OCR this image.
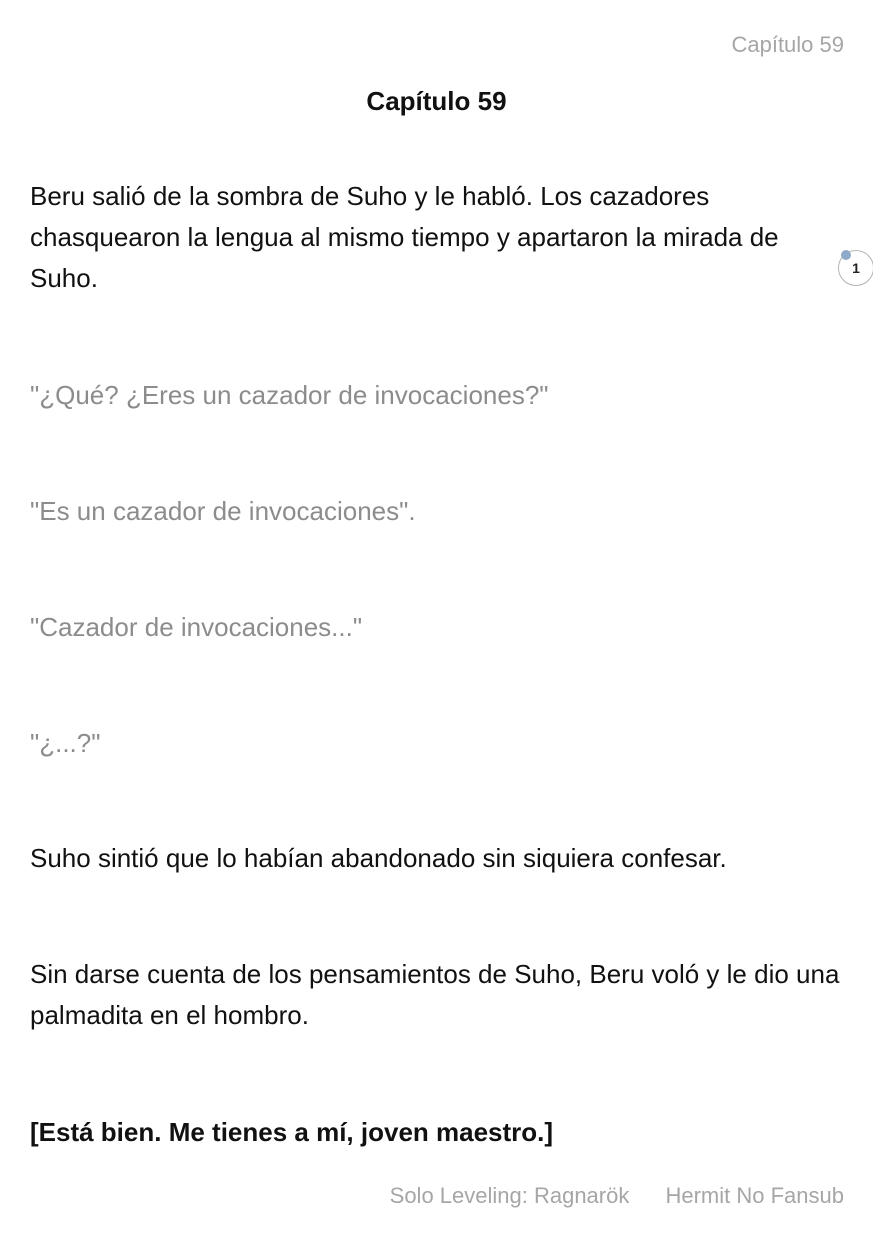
Capítulo 59
Capítulo 59

Beru salió de la sombra de Suho y le habló. Los cazadores chasquearon la lengua al mismo tiempo y apartaron la mirada de Suho.

"¿Qué? ¿Eres un cazador de invocaciones?"

"Es un cazador de invocaciones".

"Cazador de invocaciones..."

"¿...?"

Suho sintió que lo habían abandonado sin siquiera confesar.

Sin darse cuenta de los pensamientos de Suho, Beru voló y le dio una palmadita en el hombro.

[Está bien. Me tienes a mí, joven maestro.]

1
Solo Leveling: Ragnarök Hermit No Fansub
